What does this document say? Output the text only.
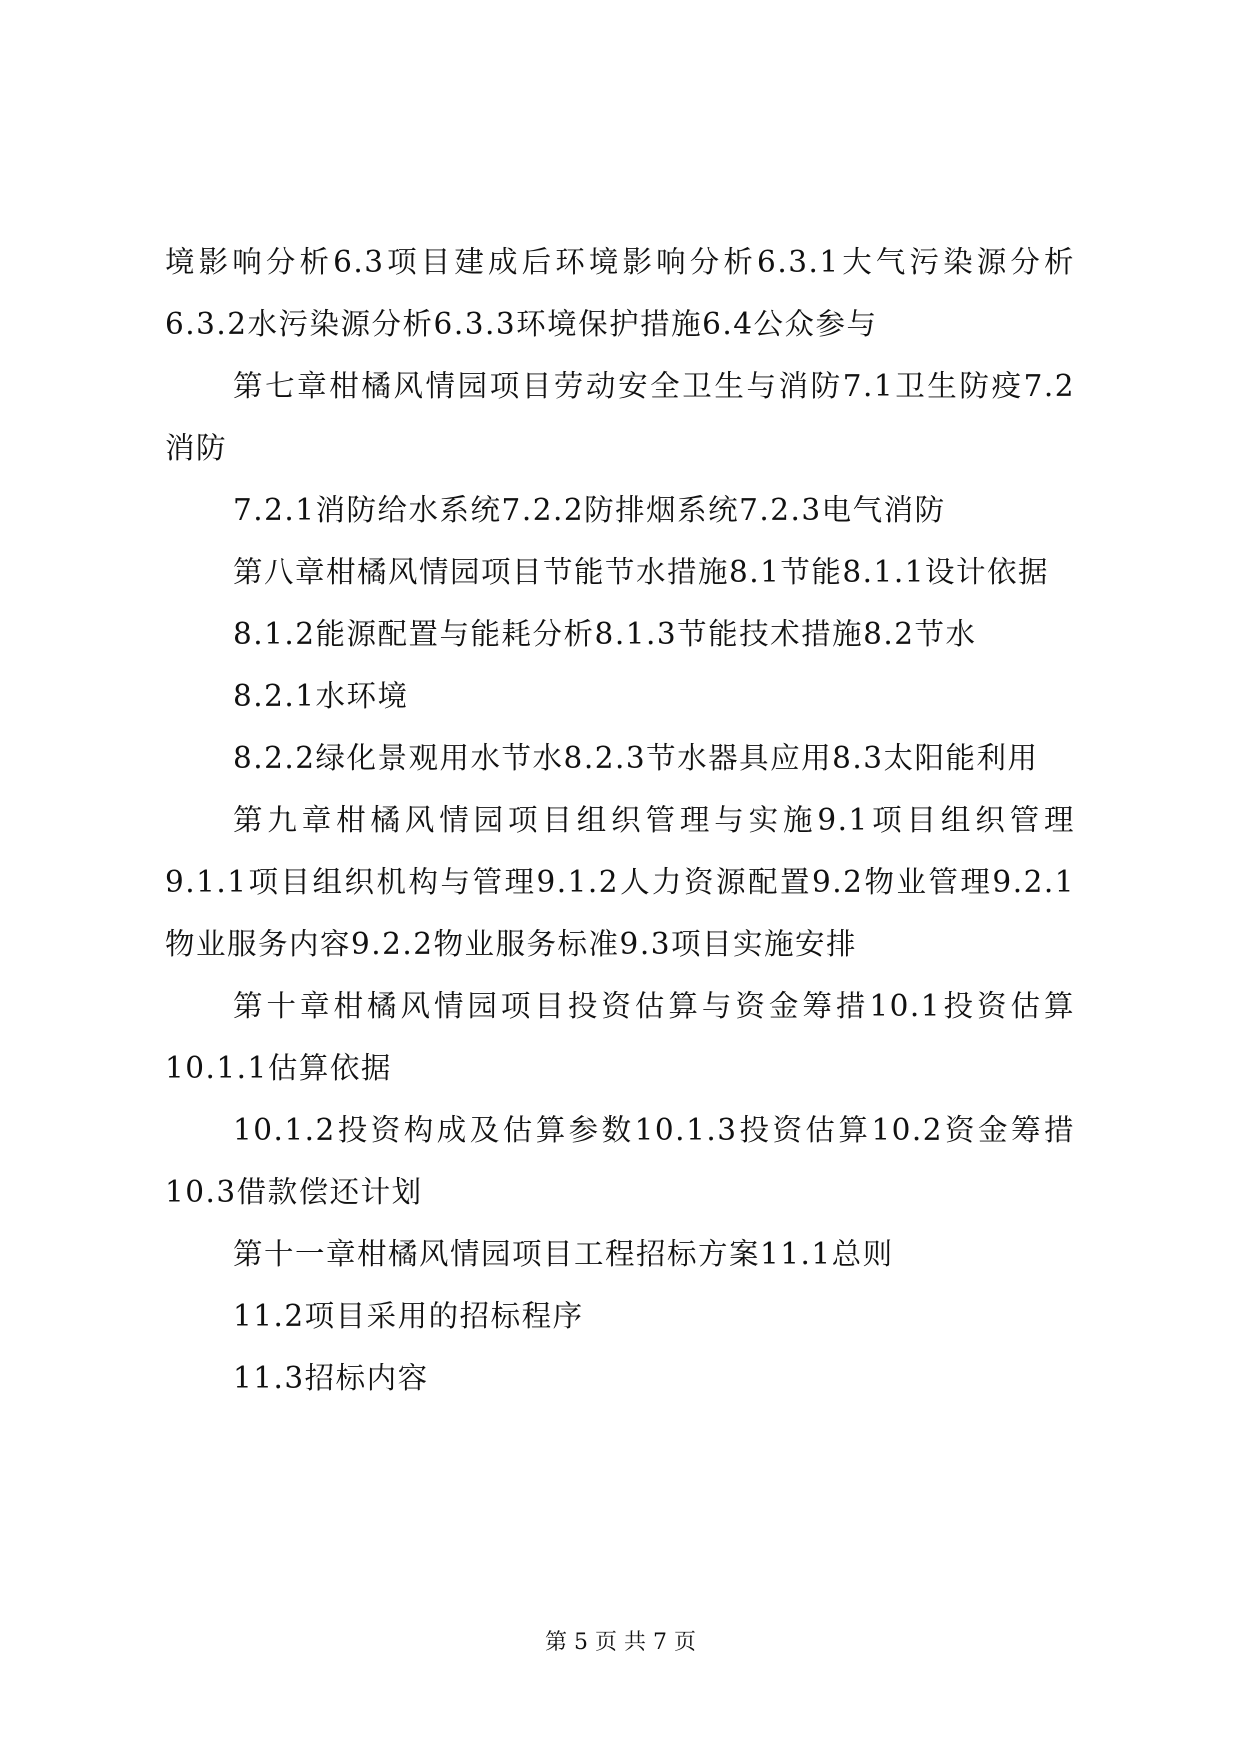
境影响分析6.3项目建成后环境影响分析6.3.1大气污染源分析6.3.2水污染源分析6.3.3环境保护措施6.4公众参与

第七章柑橘风情园项目劳动安全卫生与消防7.1卫生防疫7.2消防

7.2.1消防给水系统7.2.2防排烟系统7.2.3电气消防

第八章柑橘风情园项目节能节水措施8.1节能8.1.1设计依据

8.1.2能源配置与能耗分析8.1.3节能技术措施8.2节水

8.2.1水环境

8.2.2绿化景观用水节水8.2.3节水器具应用8.3太阳能利用

第九章柑橘风情园项目组织管理与实施9.1项目组织管理9.1.1项目组织机构与管理9.1.2人力资源配置9.2物业管理9.2.1物业服务内容9.2.2物业服务标准9.3项目实施安排

第十章柑橘风情园项目投资估算与资金筹措10.1投资估算10.1.1估算依据

10.1.2投资构成及估算参数10.1.3投资估算10.2资金筹措10.3借款偿还计划

第十一章柑橘风情园项目工程招标方案11.1总则

11.2项目采用的招标程序

11.3招标内容

第 5 页 共 7 页
